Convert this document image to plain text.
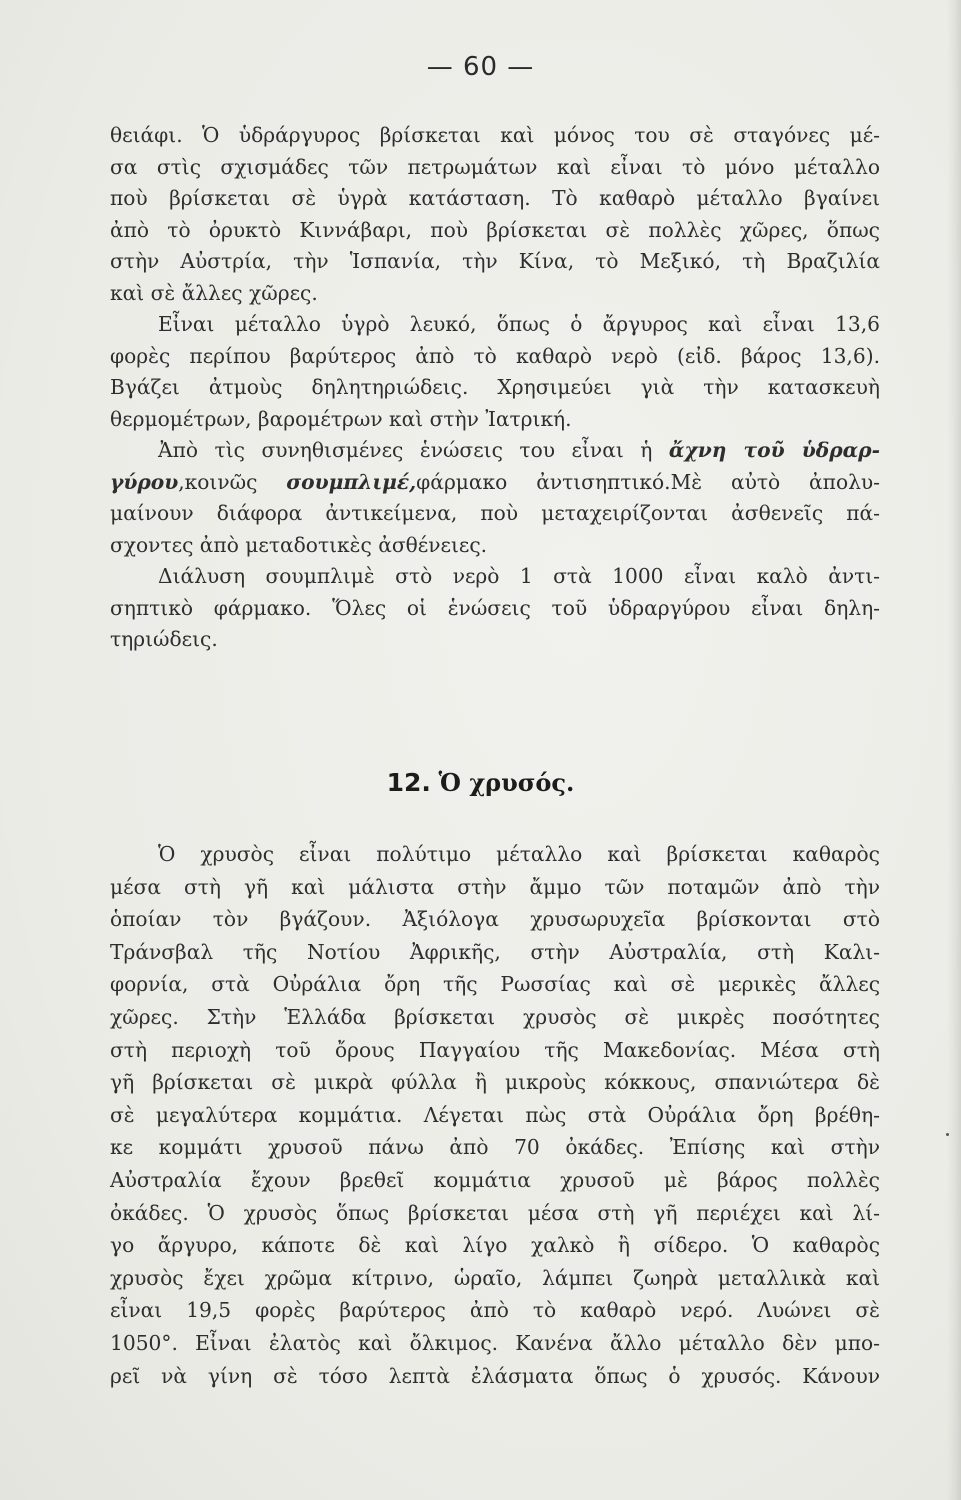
— 60 —
θειάφι. Ὁ ὑδράργυρος βρίσκεται καὶ μόνος του σὲ σταγόνες μέ-
σα στὶς σχισμάδες τῶν πετρωμάτων καὶ εἶναι τὸ μόνο μέταλλο
ποὺ βρίσκεται σὲ ὑγρὰ κατάσταση. Τὸ καθαρὸ μέταλλο βγαίνει
ἀπὸ τὸ ὀρυκτὸ Κιννάβαρι, ποὺ βρίσκεται σὲ πολλὲς χῶρες, ὅπως
στὴν Αὐστρία, τὴν Ἱσπανία, τὴν Κίνα, τὸ Μεξικό, τὴ Βραζιλία
καὶ σὲ ἄλλες χῶρες.
Εἶναι μέταλλο ὑγρὸ λευκό, ὅπως ὁ ἄργυρος καὶ εἶναι 13,6
φορὲς περίπου βαρύτερος ἀπὸ τὸ καθαρὸ νερὸ (εἰδ. βάρος 13,6).
Βγάζει ἀτμοὺς δηλητηριώδεις. Χρησιμεύει γιὰ τὴν κατασκευὴ
θερμομέτρων, βαρομέτρων καὶ στὴν Ἰατρική.
Ἀπὸ τὶς συνηθισμένες ἑνώσεις του εἶναι ἡ ἄχνη τοῦ ὑδραρ-
γύρου,κοινῶς σουμπλιμέ,φάρμακο ἀντισηπτικό.Μὲ αὐτὸ ἀπολυ-
μαίνουν διάφορα ἀντικείμενα, ποὺ μεταχειρίζονται ἀσθενεῖς πά-
σχοντες ἀπὸ μεταδοτικὲς ἀσθένειες.
Διάλυση σουμπλιμὲ στὸ νερὸ 1 στὰ 1000 εἶναι καλὸ ἀντι-
σηπτικὸ φάρμακο. Ὅλες οἱ ἑνώσεις τοῦ ὑδραργύρου εἶναι δηλη-
τηριώδεις.
12. Ὁ χρυσός.
Ὁ χρυσὸς εἶναι πολύτιμο μέταλλο καὶ βρίσκεται καθαρὸς
μέσα στὴ γῆ καὶ μάλιστα στὴν ἄμμο τῶν ποταμῶν ἀπὸ τὴν
ὁποίαν τὸν βγάζουν. Ἀξιόλογα χρυσωρυχεῖα βρίσκονται στὸ
Τράνσβαλ τῆς Νοτίου Ἀφρικῆς, στὴν Αὐστραλία, στὴ Καλι-
φορνία, στὰ Οὐράλια ὄρη τῆς Ρωσσίας καὶ σὲ μερικὲς ἄλλες
χῶρες. Στὴν Ἑλλάδα βρίσκεται χρυσὸς σὲ μικρὲς ποσότητες
στὴ περιοχὴ τοῦ ὄρους Παγγαίου τῆς Μακεδονίας. Μέσα στὴ
γῆ βρίσκεται σὲ μικρὰ φύλλα ἢ μικροὺς κόκκους, σπανιώτερα δὲ
σὲ μεγαλύτερα κομμάτια. Λέγεται πὼς στὰ Οὐράλια ὄρη βρέθη-
κε κομμάτι χρυσοῦ πάνω ἀπὸ 70 ὀκάδες. Ἐπίσης καὶ στὴν
Αὐστραλία ἔχουν βρεθεῖ κομμάτια χρυσοῦ μὲ βάρος πολλὲς
ὀκάδες. Ὁ χρυσὸς ὅπως βρίσκεται μέσα στὴ γῆ περιέχει καὶ λί-
γο ἄργυρο, κάποτε δὲ καὶ λίγο χαλκὸ ἢ σίδερο. Ὁ καθαρὸς
χρυσὸς ἔχει χρῶμα κίτρινο, ὡραῖο, λάμπει ζωηρὰ μεταλλικὰ καὶ
εἶναι 19,5 φορὲς βαρύτερος ἀπὸ τὸ καθαρὸ νερό. Λυώνει σὲ
1050°. Εἶναι ἐλατὸς καὶ ὄλκιμος. Κανένα ἄλλο μέταλλο δὲν μπο-
ρεῖ νὰ γίνη σὲ τόσο λεπτὰ ἐλάσματα ὅπως ὁ χρυσός. Κάνουν
